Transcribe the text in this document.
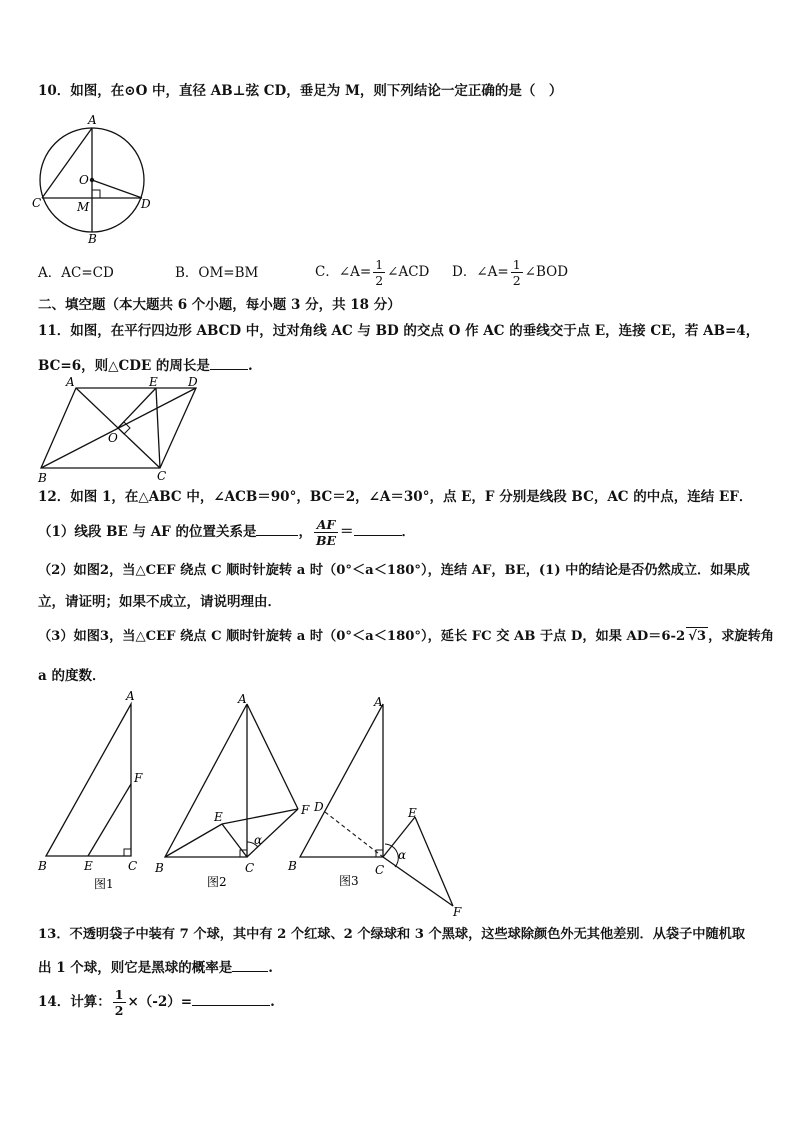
10．如图，在⊙O 中，直径 AB⊥弦 CD，垂足为 M，则下列结论一定正确的是（　）
A
O
C	M	D
B
A．AC=CD	B．OM=BM	C．∠A= $\frac{1}{2}$ ∠ACD D．∠A= $\frac{1}{2}$ ∠BOD
二、填空题（本大题共 6 个小题，每小题 3 分，共 18 分）
11．如图，在平行四边形 ABCD 中，过对角线 AC 与 BD 的交点 O 作 AC 的垂线交于点 E，连接 CE，若 AB=4，
BC=6，则△CDE 的周长是	.
A	E	D
O
B	C
12．如图 1，在△ABC 中，∠ACB＝90°，BC＝2，∠A＝30°，点 E，F 分别是线段 BC，AC 的中点，连结 EF．
（1）线段 BE 与 AF 的位置关系是	， $\frac{AF}{BE}$ ＝	．
（2）如图2，当△CEF 绕点 C 顺时针旋转 a 时（0°＜a＜180°），连结 AF，BE，(1) 中的结论是否仍然成立．如果成
立，请证明；如果不成立，请说明理由．
（3）如图3，当△CEF 绕点 C 顺时针旋转 a 时（0°＜a＜180°），延长 FC 交 AB 于点 D，如果 AD＝6-2 √3 ，求旋转角
a 的度数．
A
F
B	E	C
图1
A
E	F
α
B	C
图2
A
D	E
α
B	C
F
图3
13．不透明袋子中装有 7 个球，其中有 2 个红球、2 个绿球和 3 个黑球，这些球除颜色外无其他差别．从袋子中随机取
出 1 个球，则它是黑球的概率是	.
14．计算： $\frac{1}{2} \times(-2)=$	.
